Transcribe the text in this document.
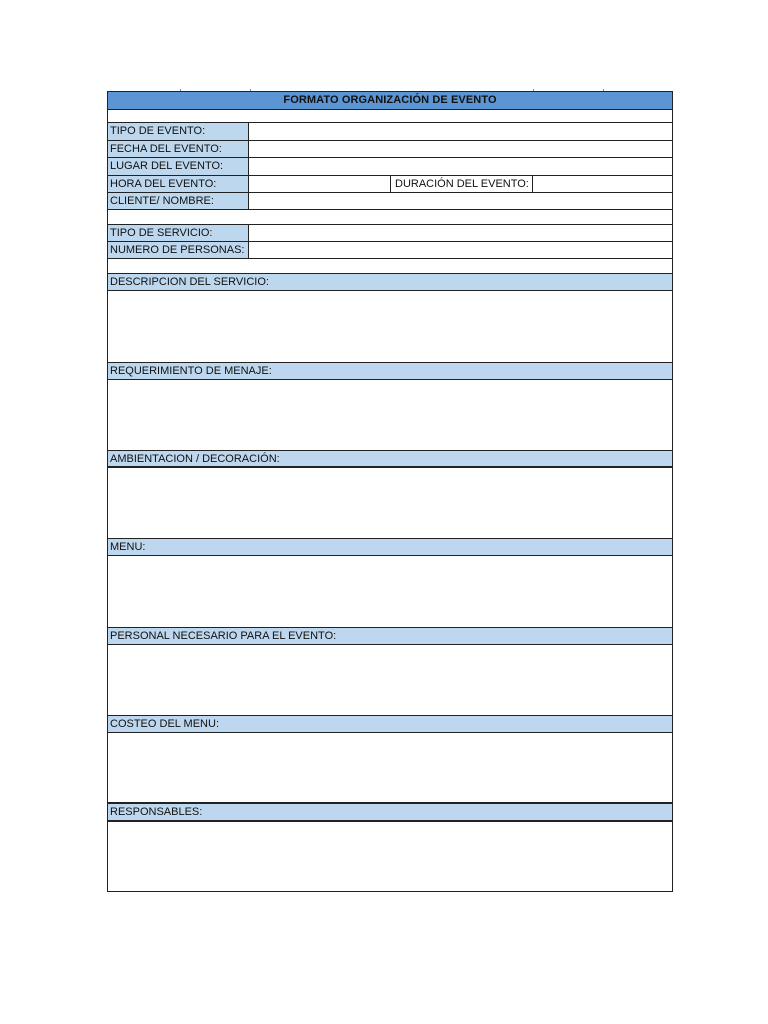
FORMATO ORGANIZACIÓN DE EVENTO
TIPO DE EVENTO:
FECHA DEL EVENTO:
LUGAR DEL EVENTO:
HORA DEL EVENTO:	DURACIÓN DEL EVENTO:
CLIENTE/ NOMBRE:
TIPO DE SERVICIO:
NUMERO DE PERSONAS:
DESCRIPCION DEL SERVICIO:
REQUERIMIENTO DE MENAJE:
AMBIENTACION / DECORACIÓN:
MENU:
PERSONAL NECESARIO PARA EL EVENTO:
COSTEO DEL MENU:
RESPONSABLES:
